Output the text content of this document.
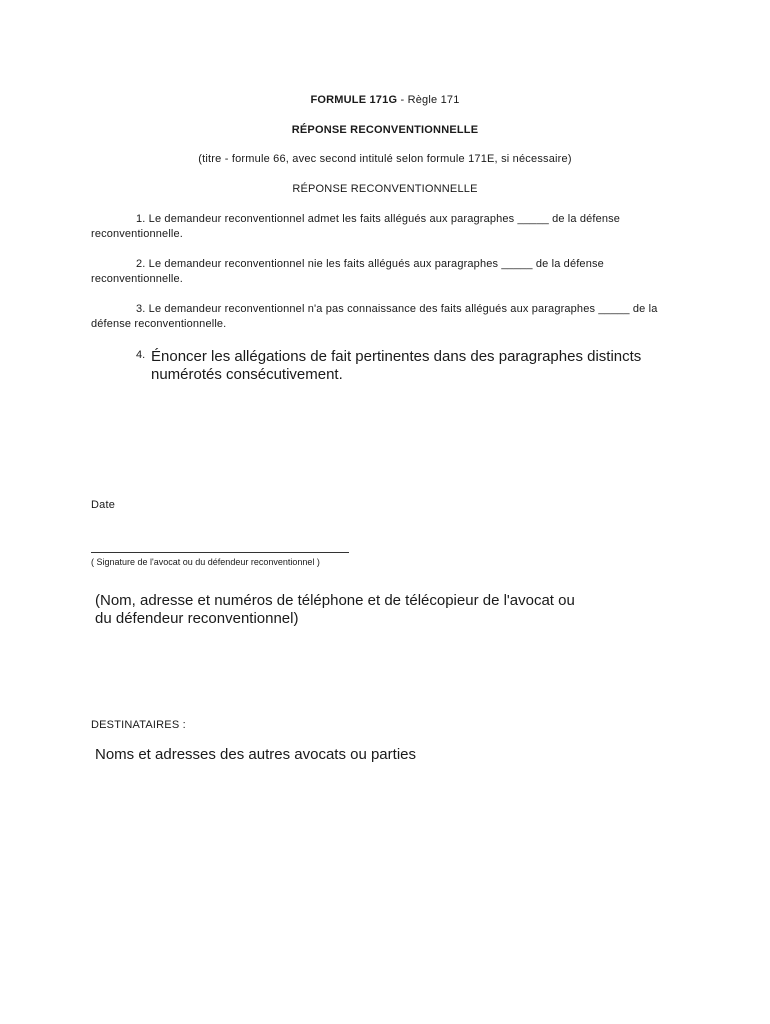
FORMULE 171G - Règle 171
RÉPONSE RECONVENTIONNELLE
(titre - formule 66, avec second intitulé selon formule 171E, si nécessaire)
RÉPONSE RECONVENTIONNELLE
1. Le demandeur reconventionnel admet les faits allégués aux paragraphes _____ de la défense reconventionnelle.
2. Le demandeur reconventionnel nie les faits allégués aux paragraphes _____ de la défense reconventionnelle.
3. Le demandeur reconventionnel n'a pas connaissance des faits allégués aux paragraphes _____ de la défense reconventionnelle.
4. Énoncer les allégations de fait pertinentes dans des paragraphes distincts numérotés consécutivement.
Date
( Signature de l'avocat ou du défendeur reconventionnel )
(Nom, adresse et numéros de téléphone et de télécopieur de l'avocat ou du défendeur reconventionnel)
DESTINATAIRES :
Noms et adresses des autres avocats ou parties
